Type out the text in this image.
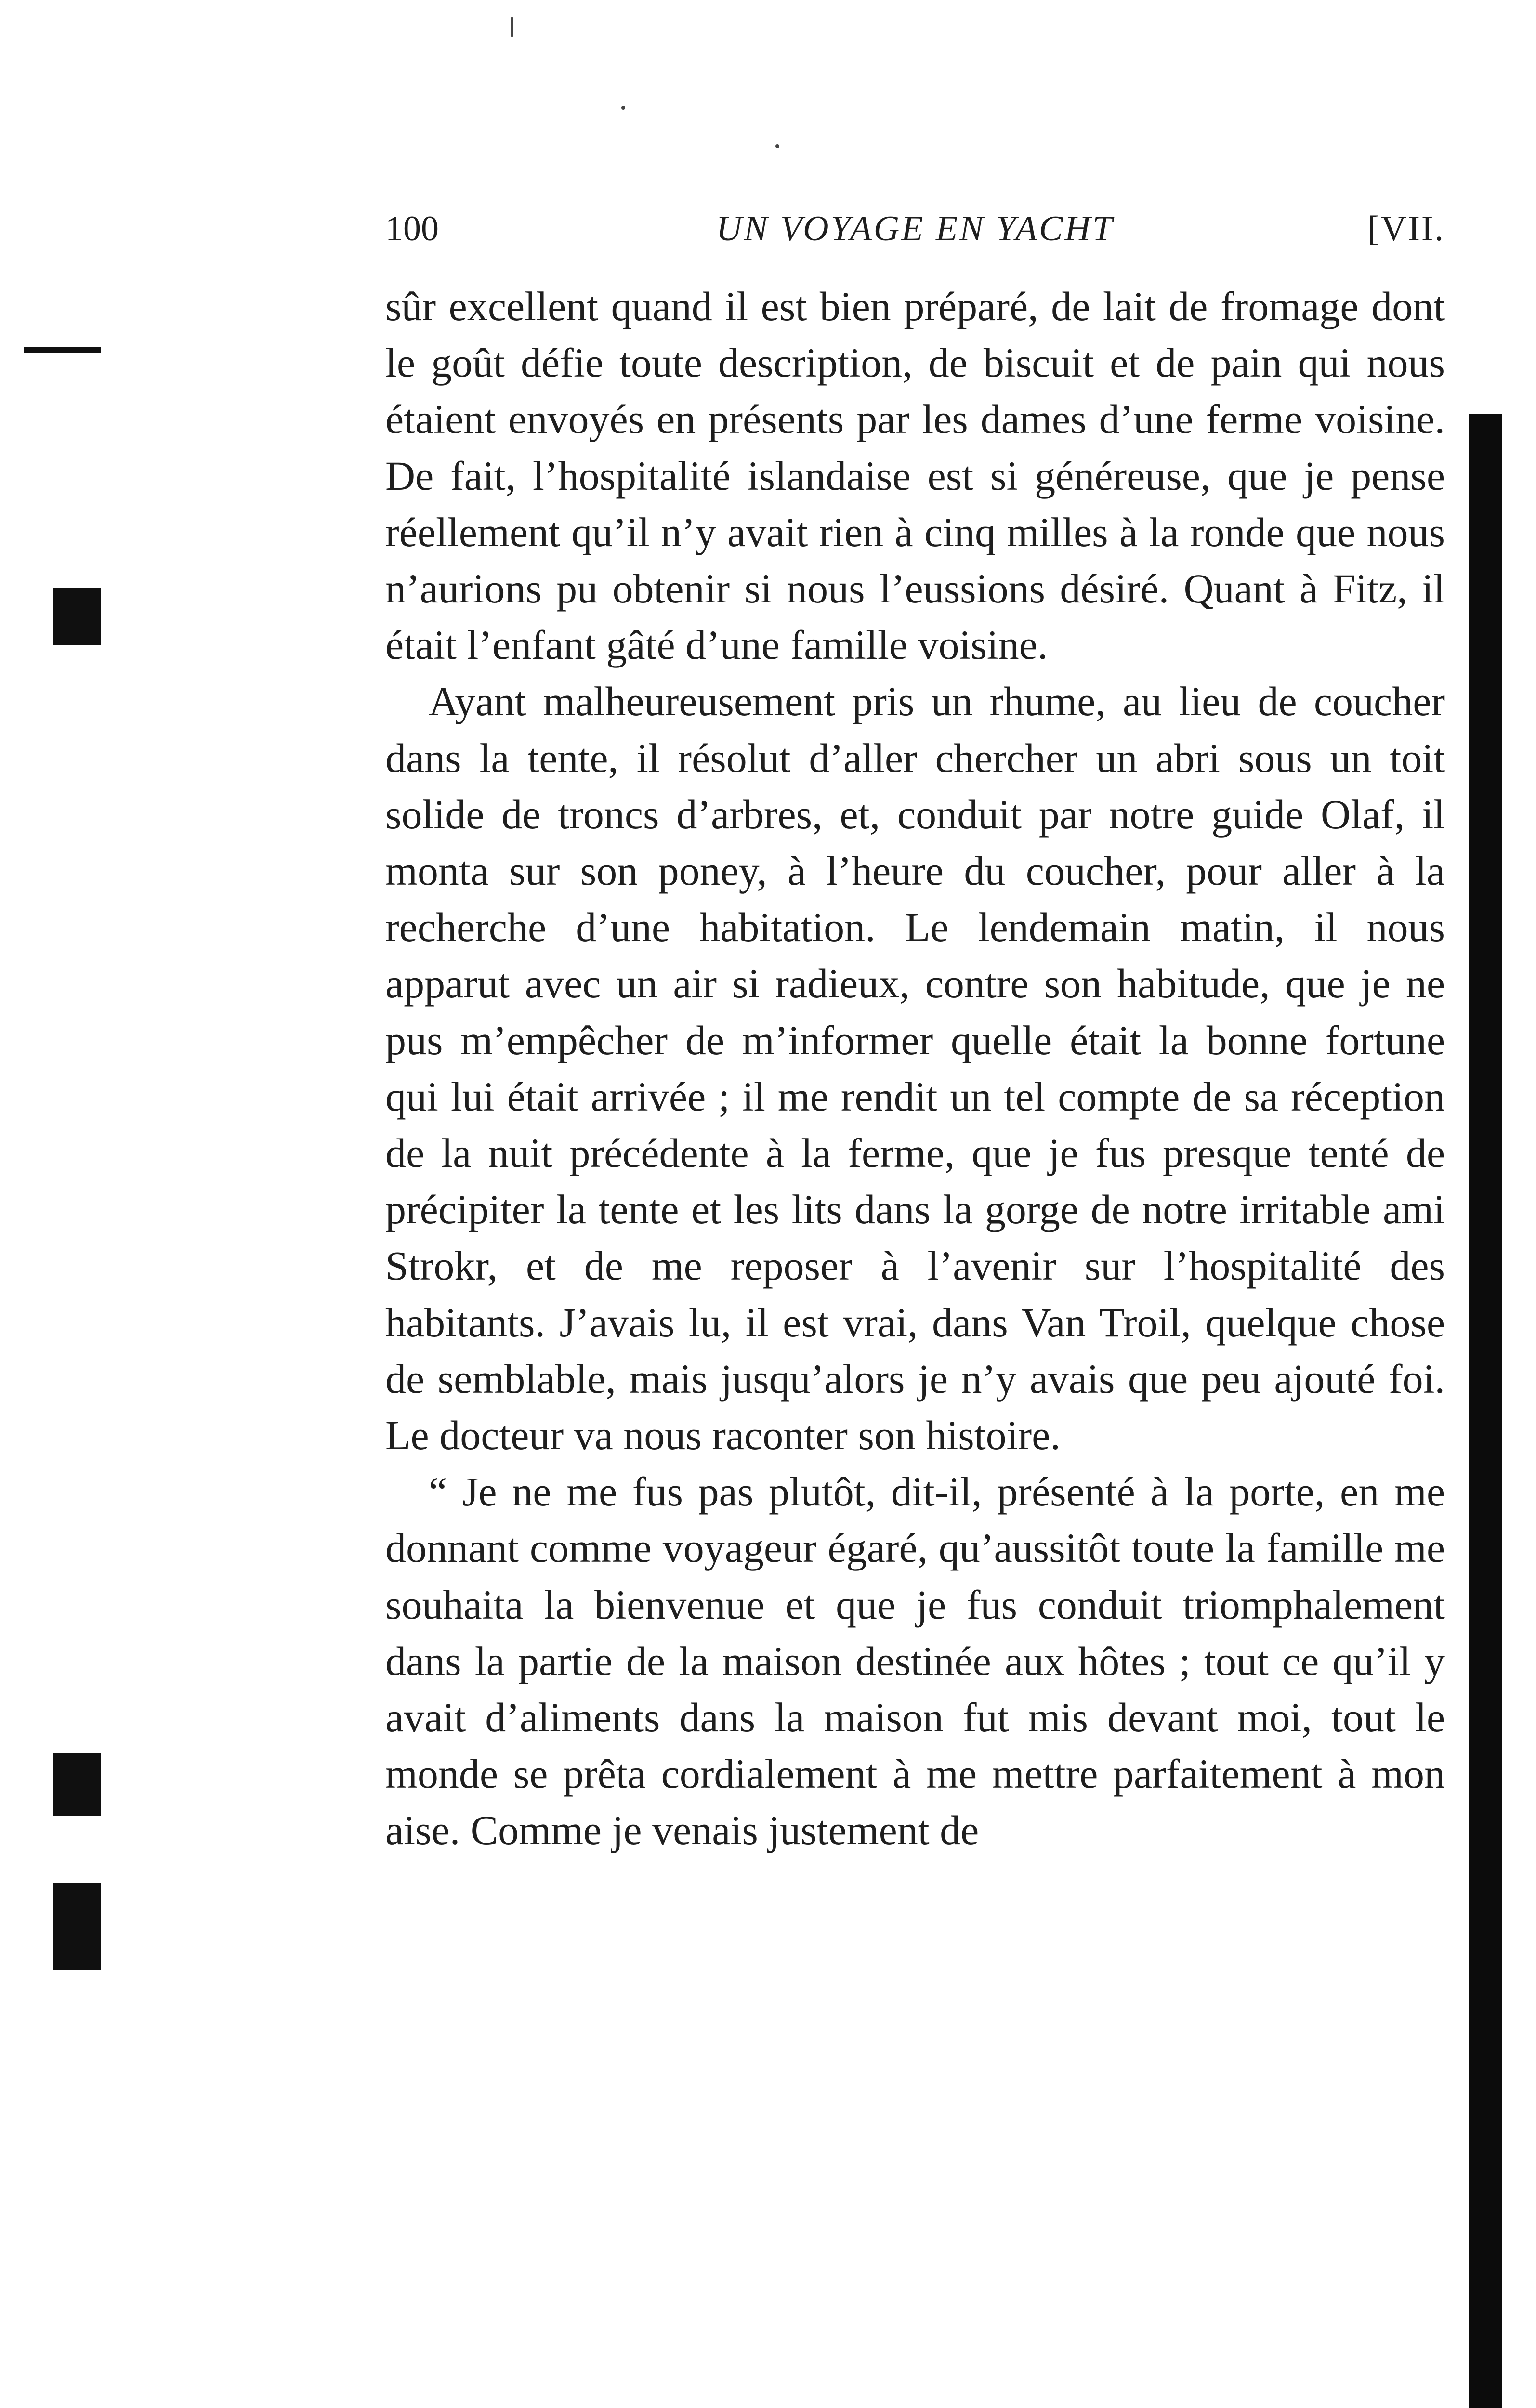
100	UN VOYAGE EN YACHT	[VII.

sûr excellent quand il est bien préparé, de lait de fromage dont le goût défie toute description, de biscuit et de pain qui nous étaient envoyés en présents par les dames d’une ferme voisine. De fait, l’hospitalité islandaise est si généreuse, que je pense réellement qu’il n’y avait rien à cinq milles à la ronde que nous n’aurions pu obtenir si nous l’eussions désiré. Quant à Fitz, il était l’enfant gâté d’une famille voisine.

Ayant malheureusement pris un rhume, au lieu de coucher dans la tente, il résolut d’aller chercher un abri sous un toit solide de troncs d’arbres, et, conduit par notre guide Olaf, il monta sur son poney, à l’heure du coucher, pour aller à la recherche d’une habitation. Le lendemain matin, il nous apparut avec un air si radieux, contre son habitude, que je ne pus m’empêcher de m’informer quelle était la bonne fortune qui lui était arrivée ; il me rendit un tel compte de sa réception de la nuit précédente à la ferme, que je fus presque tenté de précipiter la tente et les lits dans la gorge de notre irritable ami Strokr, et de me reposer à l’avenir sur l’hospitalité des habitants. J’avais lu, il est vrai, dans Van Troil, quelque chose de semblable, mais jusqu’alors je n’y avais que peu ajouté foi. Le docteur va nous raconter son histoire.

“ Je ne me fus pas plutôt, dit-il, présenté à la porte, en me donnant comme voyageur égaré, qu’aussitôt toute la famille me souhaita la bienvenue et que je fus conduit triomphalement dans la partie de la maison destinée aux hôtes ; tout ce qu’il y avait d’aliments dans la maison fut mis devant moi, tout le monde se prêta cordialement à me mettre parfaitement à mon aise. Comme je venais justement de
